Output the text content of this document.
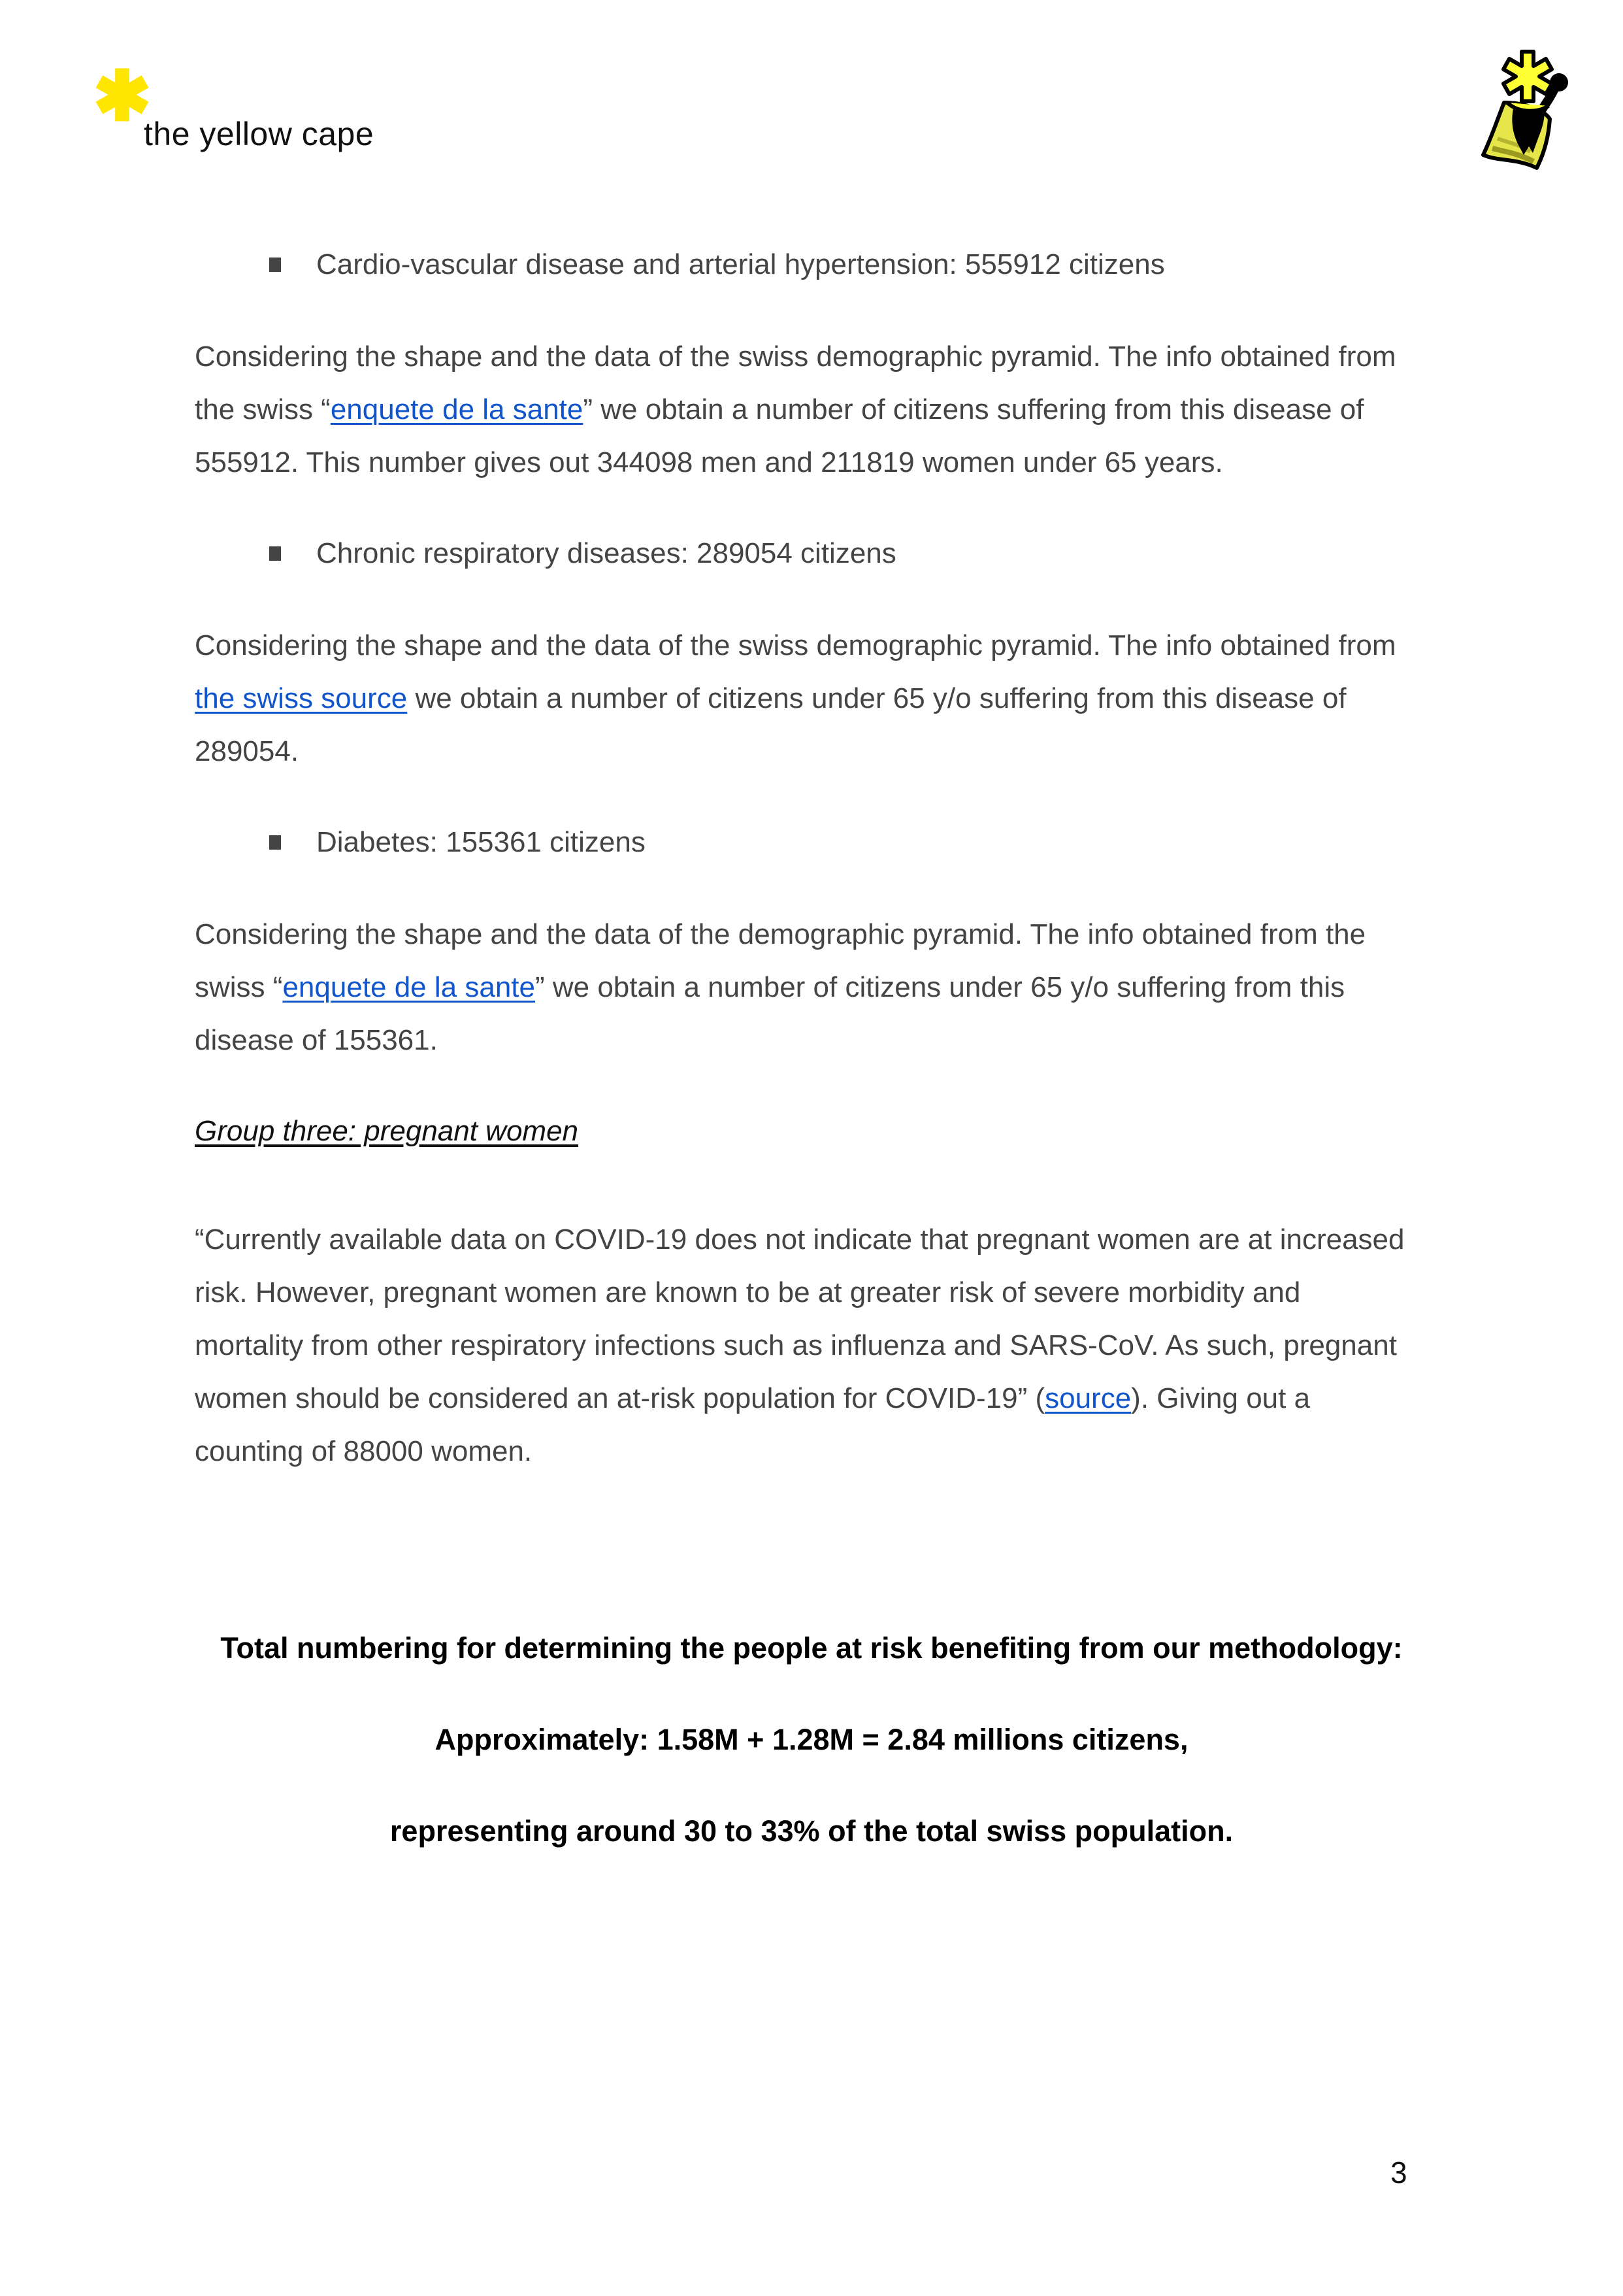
the yellow cape
Cardio-vascular disease and arterial hypertension: 555912 citizens
Considering the shape and the data of the swiss demographic pyramid. The info obtained from
the swiss “enquete de la sante” we obtain a number of citizens suffering from this disease of
555912. This number gives out 344098 men and 211819 women under 65 years.
Chronic respiratory diseases: 289054 citizens
Considering the shape and the data of the swiss demographic pyramid. The info obtained from
the swiss source we obtain a number of citizens under 65 y/o suffering from this disease of
289054.
Diabetes: 155361 citizens
Considering the shape and the data of the demographic pyramid. The info obtained from the
swiss “enquete de la sante” we obtain a number of citizens under 65 y/o suffering from this
disease of 155361.
Group three: pregnant women
“Currently available data on COVID-19 does not indicate that pregnant women are at increased
risk. However, pregnant women are known to be at greater risk of severe morbidity and
mortality from other respiratory infections such as influenza and SARS-CoV. As such, pregnant
women should be considered an at-risk population for COVID-19” (source). Giving out a
counting of 88000 women.
Total numbering for determining the people at risk benefiting from our methodology:
Approximately: 1.58M + 1.28M = 2.84 millions citizens,
representing around 30 to 33% of the total swiss population.
3
